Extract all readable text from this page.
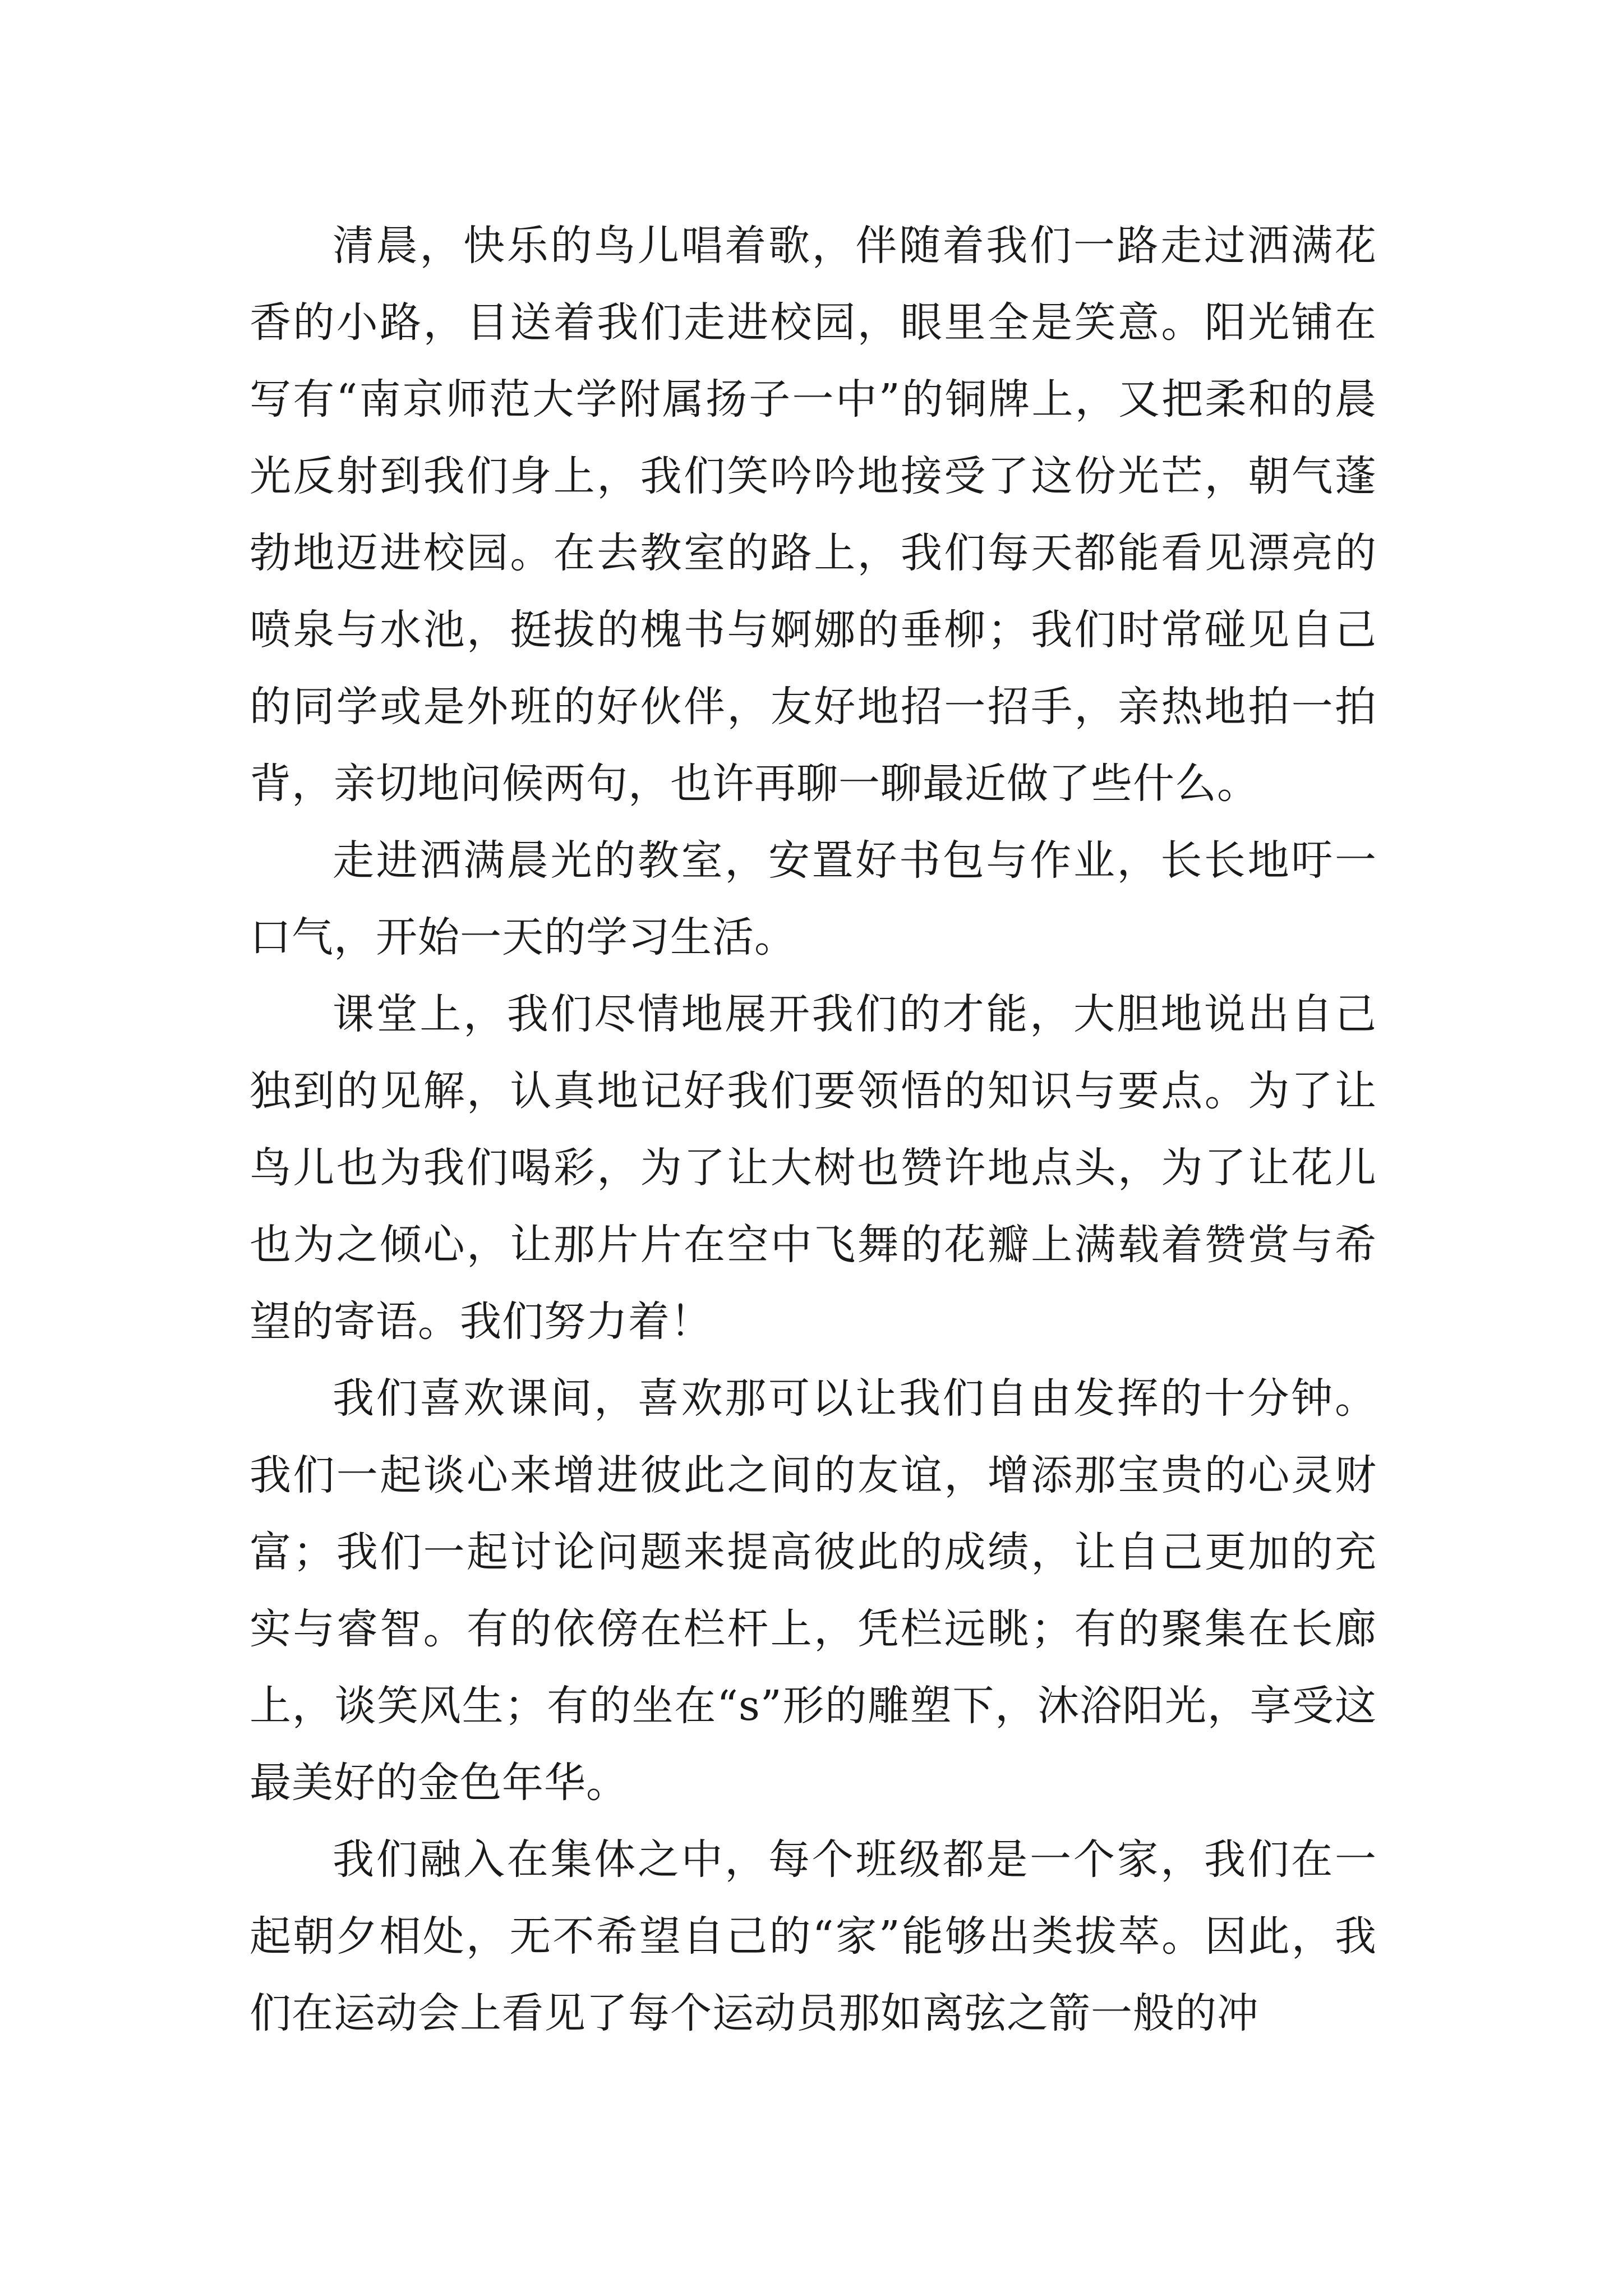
清晨，快乐的鸟儿唱着歌，伴随着我们一路走过洒满花香的小路，目送着我们走进校园，眼里全是笑意。阳光铺在写有“南京师范大学附属扬子一中”的铜牌上，又把柔和的晨光反射到我们身上，我们笑吟吟地接受了这份光芒，朝气蓬勃地迈进校园。在去教室的路上，我们每天都能看见漂亮的喷泉与水池，挺拔的槐书与婀娜的垂柳；我们时常碰见自己的同学或是外班的好伙伴，友好地招一招手，亲热地拍一拍背，亲切地问候两句，也许再聊一聊最近做了些什么。

走进洒满晨光的教室，安置好书包与作业，长长地吁一口气，开始一天的学习生活。

课堂上，我们尽情地展开我们的才能，大胆地说出自己独到的见解，认真地记好我们要领悟的知识与要点。为了让鸟儿也为我们喝彩，为了让大树也赞许地点头，为了让花儿也为之倾心，让那片片在空中飞舞的花瓣上满载着赞赏与希望的寄语。我们努力着！

我们喜欢课间，喜欢那可以让我们自由发挥的十分钟。我们一起谈心来增进彼此之间的友谊，增添那宝贵的心灵财富；我们一起讨论问题来提高彼此的成绩，让自己更加的充实与睿智。有的依傍在栏杆上，凭栏远眺；有的聚集在长廊上，谈笑风生；有的坐在“s”形的雕塑下，沐浴阳光，享受这最美好的金色年华。

我们融入在集体之中，每个班级都是一个家，我们在一起朝夕相处，无不希望自己的“家”能够出类拔萃。因此，我们在运动会上看见了每个运动员那如离弦之箭一般的冲
